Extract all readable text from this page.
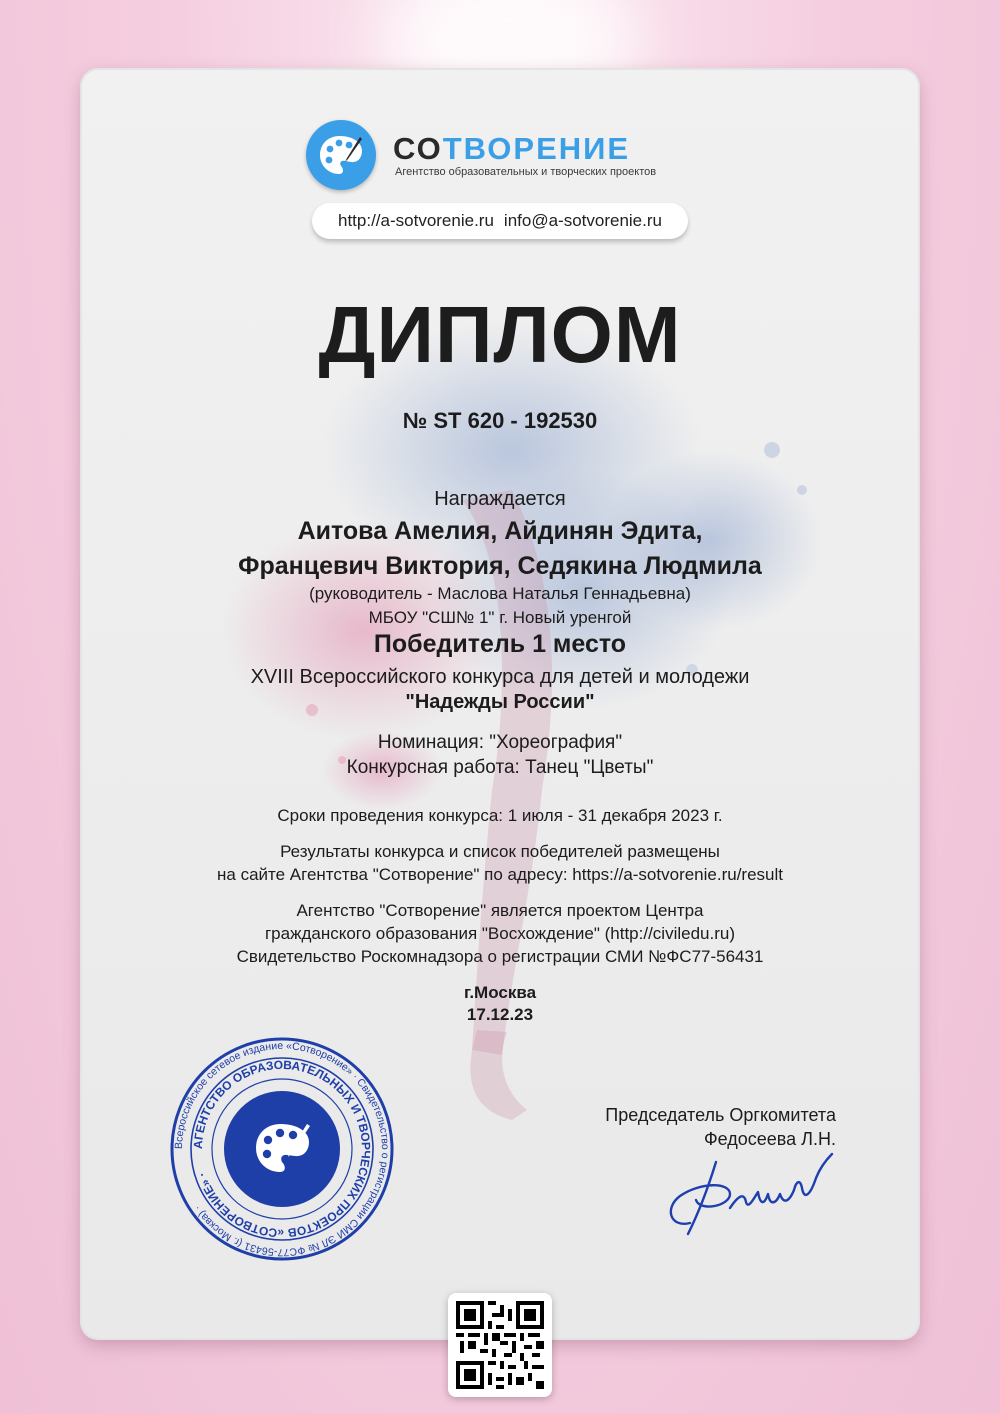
СОТВОРЕНИЕ
Агентство образовательных и творческих проектов
http://a-sotvorenie.ru info@a-sotvorenie.ru
ДИПЛОМ
№ ST 620 - 192530
Награждается
Аитова Амелия, Айдинян Эдита,
Францевич Виктория, Седякина Людмила
(руководитель - Маслова Наталья Геннадьевна)
МБОУ "СШ№ 1" г. Новый уренгой
Победитель 1 место
XVIII Всероссийского конкурса для детей и молодежи
"Надежды России"
Номинация: "Хореография"
Конкурсная работа: Танец "Цветы"
Сроки проведения конкурса: 1 июля - 31 декабря 2023 г.
Результаты конкурса и список победителей размещены
на сайте Агентства "Сотворение" по адресу: https://a-sotvorenie.ru/result
Агентство "Сотворение" является проектом Центра
гражданского образования "Восхождение" (http://civiledu.ru)
Свидетельство Роскомнадзора о регистрации СМИ №ФС77-56431
г.Москва
17.12.23
Всероссийское сетевое издание «Сотворение» · Свидетельство о регистрации СМИ ЭЛ № ФС77-56431 (г. Москва) ·
АГЕНТСТВО ОБРАЗОВАТЕЛЬНЫХ И ТВОРЧЕСКИХ ПРОЕКТОВ «СОТВОРЕНИЕ» ·
Председатель Оргкомитета
Федосеева Л.Н.
